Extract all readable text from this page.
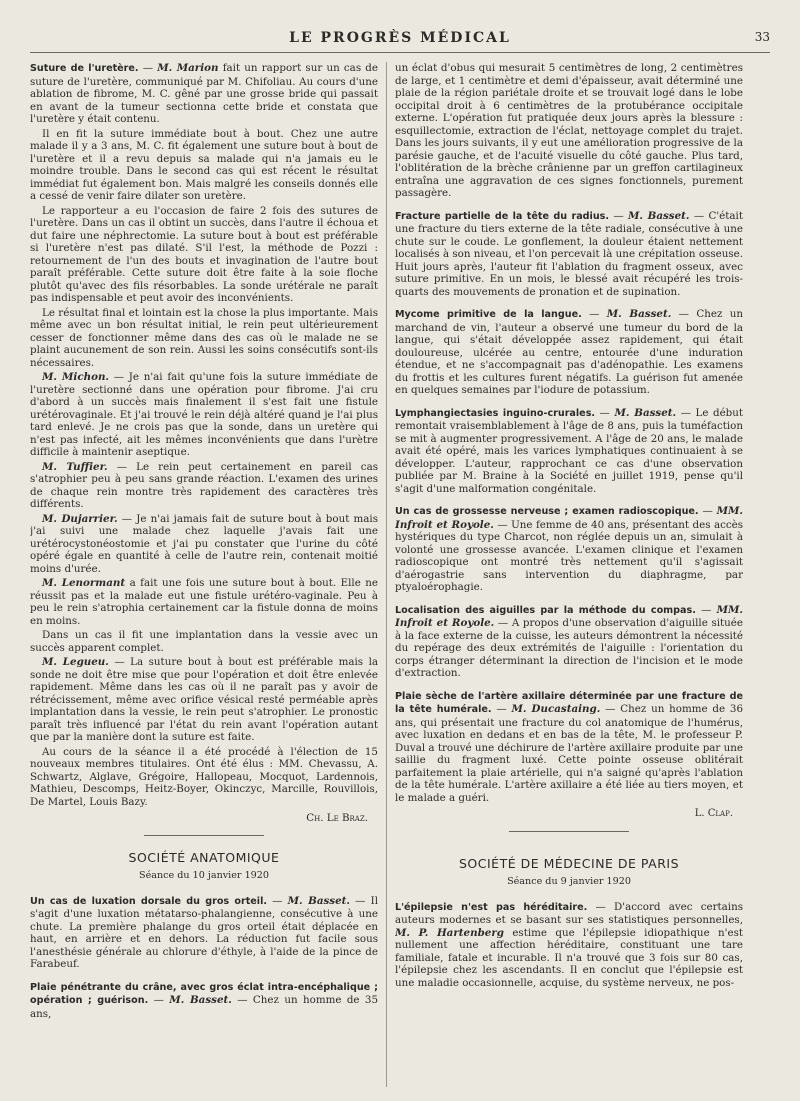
LE PROGRÈS MÉDICAL	33

Suture de l'uretère. — M. Marion fait un rapport sur un cas de suture de l'uretère, communiqué par M. Chifoliau. Au cours d'une ablation de fibrome, M. C. gêné par une grosse bride qui passait en avant de la tumeur sectionna cette bride et constata que l'uretère y était contenu.

Il en fit la suture immédiate bout à bout. Chez une autre malade il y a 3 ans, M. C. fit également une suture bout à bout de l'uretère et il a revu depuis sa malade qui n'a jamais eu le moindre trouble. Dans le second cas qui est récent le résultat immédiat fut également bon. Mais malgré les conseils donnés elle a cessé de venir faire dilater son uretère.

Le rapporteur a eu l'occasion de faire 2 fois des sutures de l'uretère. Dans un cas il obtint un succès, dans l'autre il échoua et dut faire une néphrectomie. La suture bout à bout est préférable si l'uretère n'est pas dilaté. S'il l'est, la méthode de Pozzi : retournement de l'un des bouts et invagination de l'autre bout paraît préférable. Cette suture doit être faite à la soie floche plutôt qu'avec des fils résorbables. La sonde urétérale ne paraît pas indispensable et peut avoir des inconvénients.

Le résultat final et lointain est la chose la plus importante. Mais même avec un bon résultat initial, le rein peut ultérieurement cesser de fonctionner même dans des cas où le malade ne se plaint aucunement de son rein. Aussi les soins consécutifs sont-ils nécessaires.

M. Michon. — Je n'ai fait qu'une fois la suture immédiate de l'uretère sectionné dans une opération pour fibrome. J'ai cru d'abord à un succès mais finalement il s'est fait une fistule urétérovaginale. Et j'ai trouvé le rein déjà altéré quand je l'ai plus tard enlevé. Je ne crois pas que la sonde, dans un uretère qui n'est pas infecté, ait les mêmes inconvénients que dans l'urètre difficile à maintenir aseptique.

M. Tuffier. — Le rein peut certainement en pareil cas s'atrophier peu à peu sans grande réaction. L'examen des urines de chaque rein montre très rapidement des caractères très différents.

M. Dujarrier. — Je n'ai jamais fait de suture bout à bout mais j'ai suivi une malade chez laquelle j'avais fait une urétérocystonéostomie et j'ai pu constater que l'urine du côté opéré égale en quantité à celle de l'autre rein, contenait moitié moins d'urée.

M. Lenormant a fait une fois une suture bout à bout. Elle ne réussit pas et la malade eut une fistule urétéro-vaginale. Peu à peu le rein s'atrophia certainement car la fistule donna de moins en moins.

Dans un cas il fit une implantation dans la vessie avec un succès apparent complet.

M. Legueu. — La suture bout à bout est préférable mais la sonde ne doit être mise que pour l'opération et doit être enlevée rapidement. Même dans les cas où il ne paraît pas y avoir de rétrécissement, même avec orifice vésical resté perméable après implantation dans la vessie, le rein peut s'atrophier. Le pronostic paraît très influencé par l'état du rein avant l'opération autant que par la manière dont la suture est faite.

Au cours de la séance il a été procédé à l'élection de 15 nouveaux membres titulaires. Ont été élus : MM. Chevassu, A. Schwartz, Alglave, Grégoire, Hallopeau, Mocquot, Lardennois, Mathieu, Descomps, Heitz-Boyer, Okinczyc, Marcille, Rouvillois, De Martel, Louis Bazy.

Ch. Le Braz.
SOCIÉTÉ ANATOMIQUE
Séance du 10 janvier 1920

Un cas de luxation dorsale du gros orteil. — M. Basset. — Il s'agit d'une luxation métatarso-phalangienne, consécutive à une chute. La première phalange du gros orteil était déplacée en haut, en arrière et en dehors. La réduction fut facile sous l'anesthésie générale au chlorure d'éthyle, à l'aide de la pince de Farabeuf.

Plaie pénétrante du crâne, avec gros éclat intra-encéphalique ; opération ; guérison. — M. Basset. — Chez un homme de 35 ans,

un éclat d'obus qui mesurait 5 centimètres de long, 2 centimètres de large, et 1 centimètre et demi d'épaisseur, avait déterminé une plaie de la région pariétale droite et se trouvait logé dans le lobe occipital droit à 6 centimètres de la protubérance occipitale externe. L'opération fut pratiquée deux jours après la blessure : esquillectomie, extraction de l'éclat, nettoyage complet du trajet. Dans les jours suivants, il y eut une amélioration progressive de la parésie gauche, et de l'acuité visuelle du côté gauche. Plus tard, l'oblitération de la brèche crânienne par un greffon cartilagineux entraîna une aggravation de ces signes fonctionnels, purement passagère.

Fracture partielle de la tête du radius. — M. Basset. — C'était une fracture du tiers externe de la tête radiale, consécutive à une chute sur le coude. Le gonflement, la douleur étaient nettement localisés à son niveau, et l'on percevait là une crépitation osseuse. Huit jours après, l'auteur fit l'ablation du fragment osseux, avec suture primitive. En un mois, le blessé avait récupéré les trois-quarts des mouvements de pronation et de supination.

Mycome primitive de la langue. — M. Basset. — Chez un marchand de vin, l'auteur a observé une tumeur du bord de la langue, qui s'était développée assez rapidement, qui était douloureuse, ulcérée au centre, entourée d'une induration étendue, et ne s'accompagnait pas d'adénopathie. Les examens du frottis et les cultures furent négatifs. La guérison fut amenée en quelques semaines par l'iodure de potassium.

Lymphangiectasies inguino-crurales. — M. Basset. — Le début remontait vraisemblablement à l'âge de 8 ans, puis la tuméfaction se mit à augmenter progressivement. A l'âge de 20 ans, le malade avait été opéré, mais les varices lymphatiques continuaient à se développer. L'auteur, rapprochant ce cas d'une observation publiée par M. Braine à la Société en juillet 1919, pense qu'il s'agit d'une malformation congénitale.

Un cas de grossesse nerveuse ; examen radioscopique. — MM. Infroit et Royole. — Une femme de 40 ans, présentant des accès hystériques du type Charcot, non réglée depuis un an, simulait à volonté une grossesse avancée. L'examen clinique et l'examen radioscopique ont montré très nettement qu'il s'agissait d'aérogastrie sans intervention du diaphragme, par ptyaloérophagie.

Localisation des aiguilles par la méthode du compas. — MM. Infroit et Royole. — A propos d'une observation d'aiguille située à la face externe de la cuisse, les auteurs démontrent la nécessité du repérage des deux extrémités de l'aiguille : l'orientation du corps étranger déterminant la direction de l'incision et le mode d'extraction.

Plaie sèche de l'artère axillaire déterminée par une fracture de la tête humérale. — M. Ducastaing. — Chez un homme de 36 ans, qui présentait une fracture du col anatomique de l'humérus, avec luxation en dedans et en bas de la tête, M. le professeur P. Duval a trouvé une déchirure de l'artère axillaire produite par une saillie du fragment luxé. Cette pointe osseuse oblitérait parfaitement la plaie artérielle, qui n'a saigné qu'après l'ablation de la tête humérale. L'artère axillaire a été liée au tiers moyen, et le malade a guéri.

L. Clap.
SOCIÉTÉ DE MÉDECINE DE PARIS
Séance du 9 janvier 1920

L'épilepsie n'est pas héréditaire. — D'accord avec certains auteurs modernes et se basant sur ses statistiques personnelles, M. P. Hartenberg estime que l'épilepsie idiopathique n'est nullement une affection héréditaire, constituant une tare familiale, fatale et incurable. Il n'a trouvé que 3 fois sur 80 cas, l'épilepsie chez les ascendants. Il en conclut que l'épilepsie est une maladie occasionnelle, acquise, du système nerveux, ne pos-
